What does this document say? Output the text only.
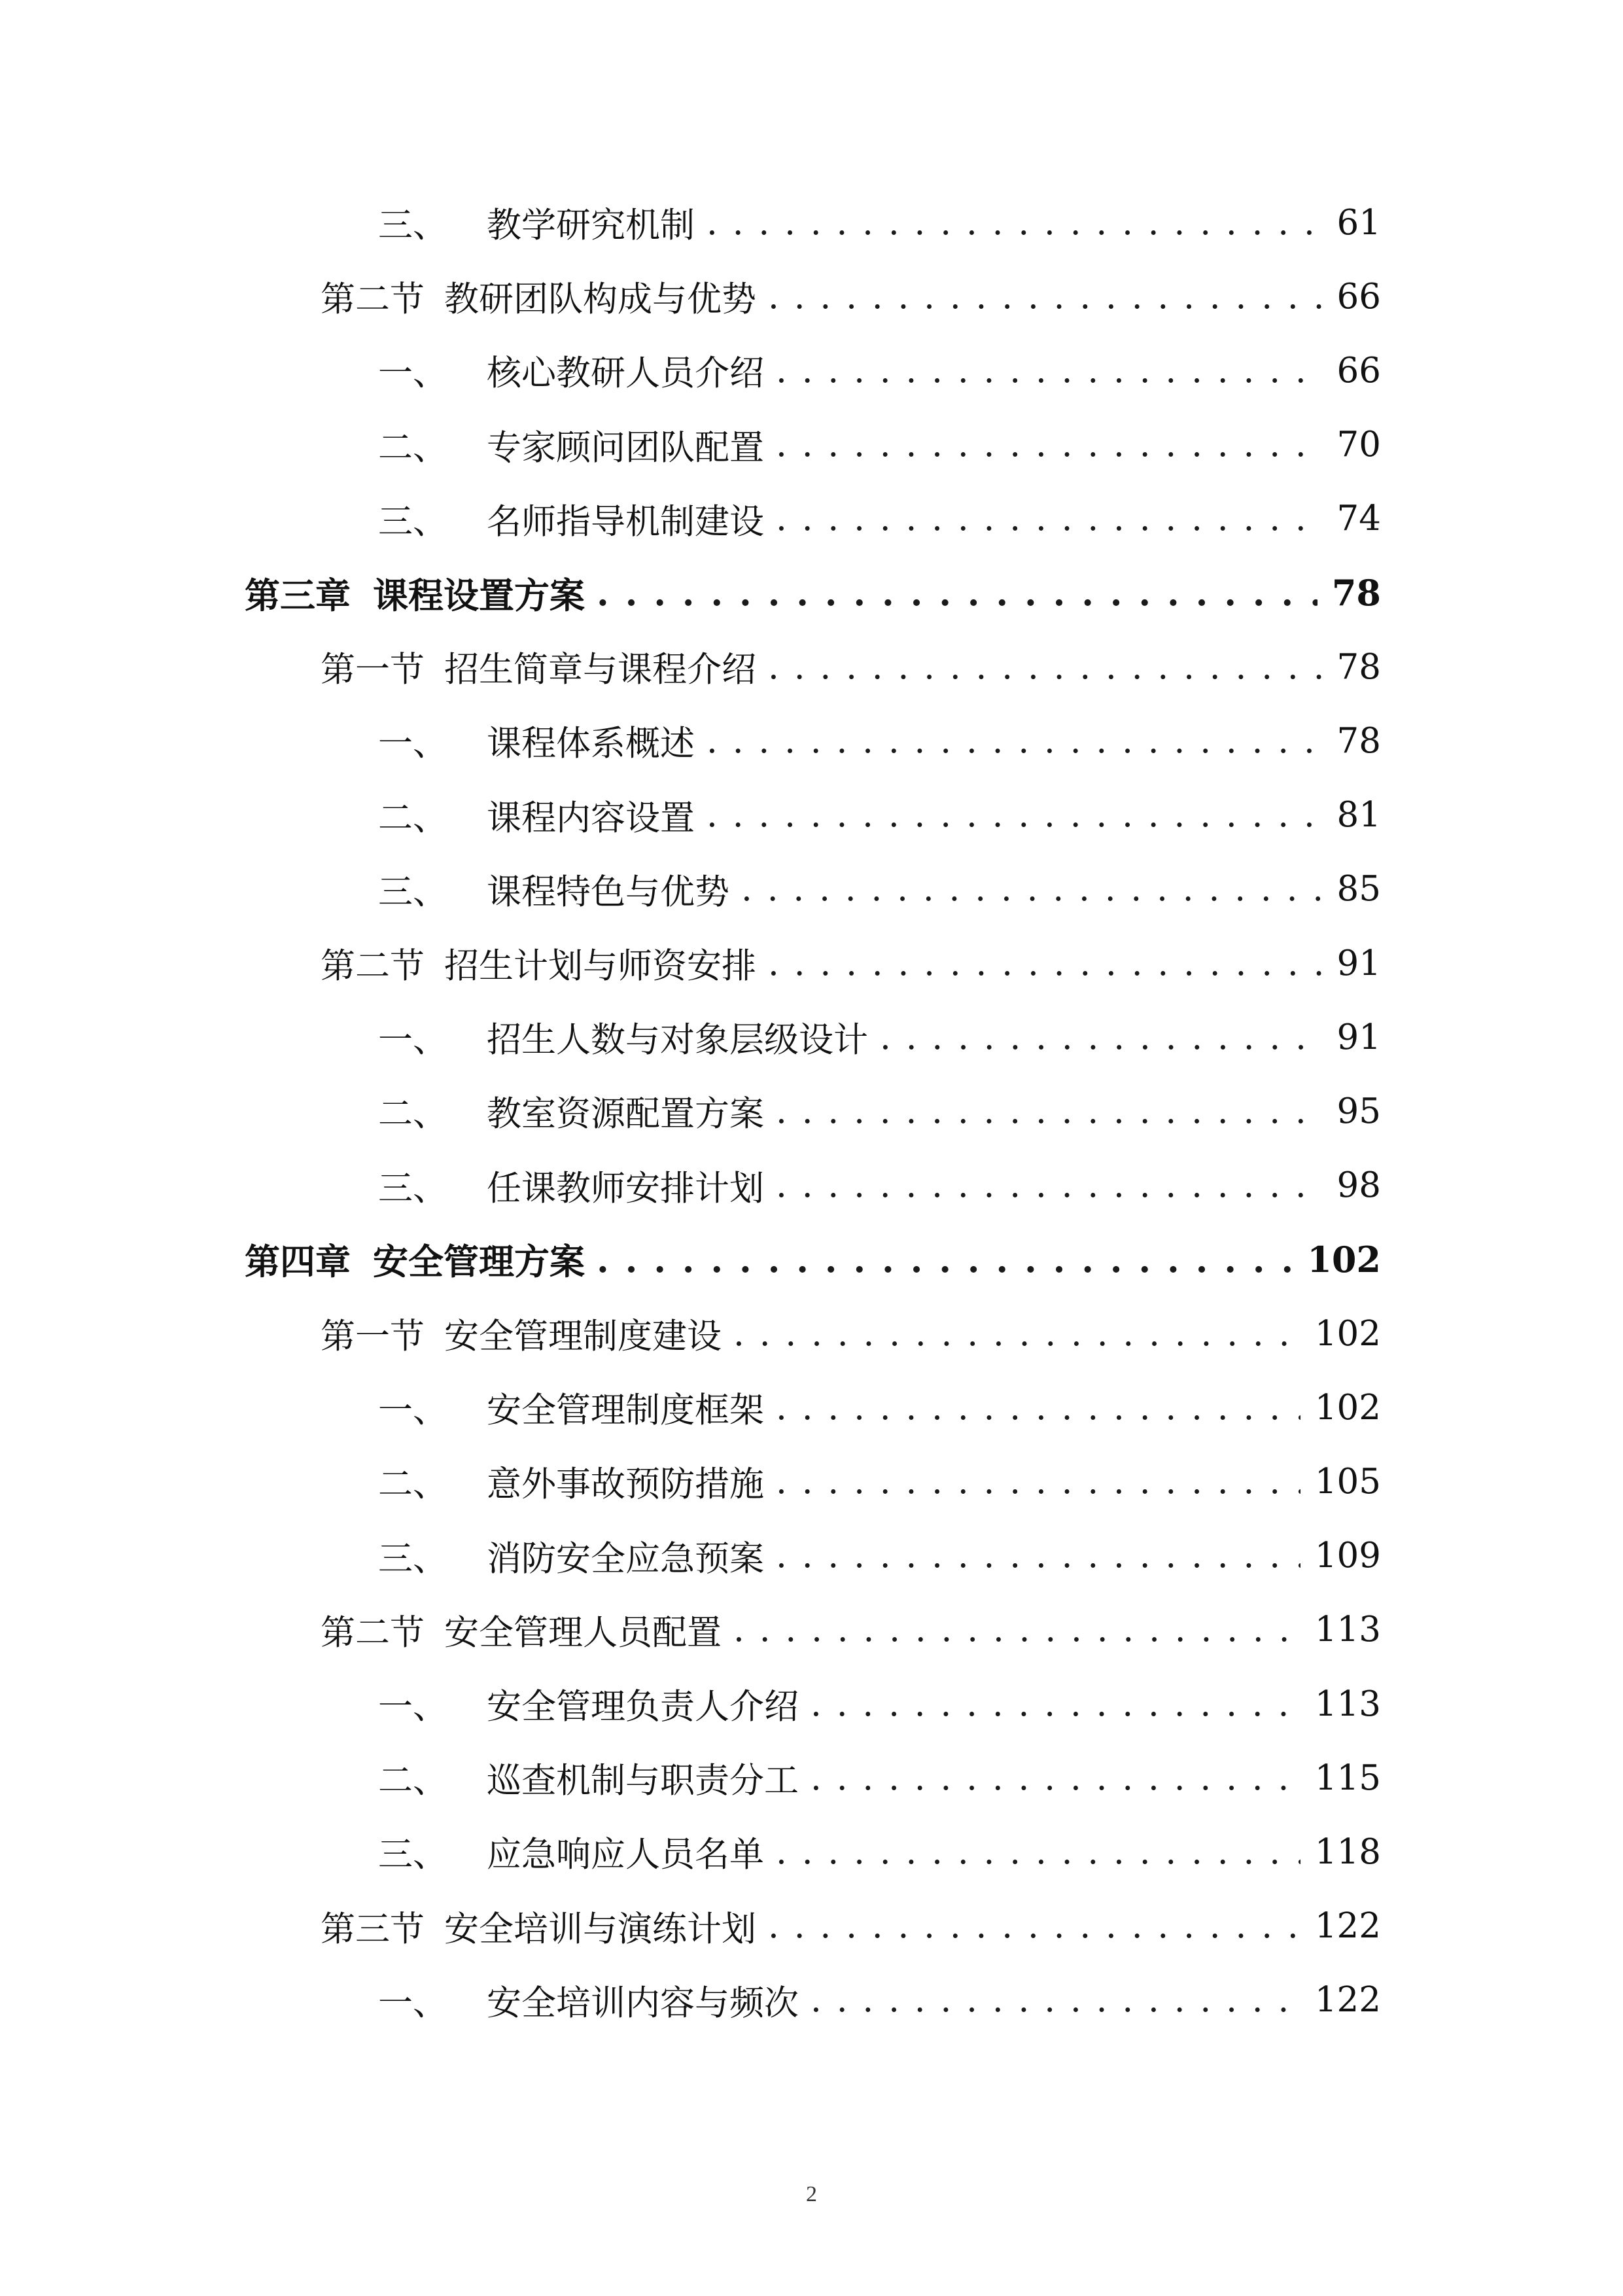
三、 教学研究机制 . . .	61
第二节 教研团队构成与优势 . . .	66
一、 核心教研人员介绍 . . .	66
二、 专家顾问团队配置 . . .	70
三、 名师指导机制建设 . . .	74
第三章 课程设置方案 . . .	78
第一节 招生简章与课程介绍 . . .	78
一、 课程体系概述 . . .	78
二、 课程内容设置 . . .	81
三、 课程特色与优势 . . .	85
第二节 招生计划与师资安排 . . .	91
一、 招生人数与对象层级设计 . . .	91
二、 教室资源配置方案 . . .	95
三、 任课教师安排计划 . . .	98
第四章 安全管理方案 . . .	102
第一节 安全管理制度建设 . . .	102
一、 安全管理制度框架 . . .	102
二、 意外事故预防措施 . . .	105
三、 消防安全应急预案 . . .	109
第二节 安全管理人员配置 . . .	113
一、 安全管理负责人介绍 . . .	113
二、 巡查机制与职责分工 . . .	115
三、 应急响应人员名单 . . .	118
第三节 安全培训与演练计划 . . .	122
一、 安全培训内容与频次 . . .	122
2
